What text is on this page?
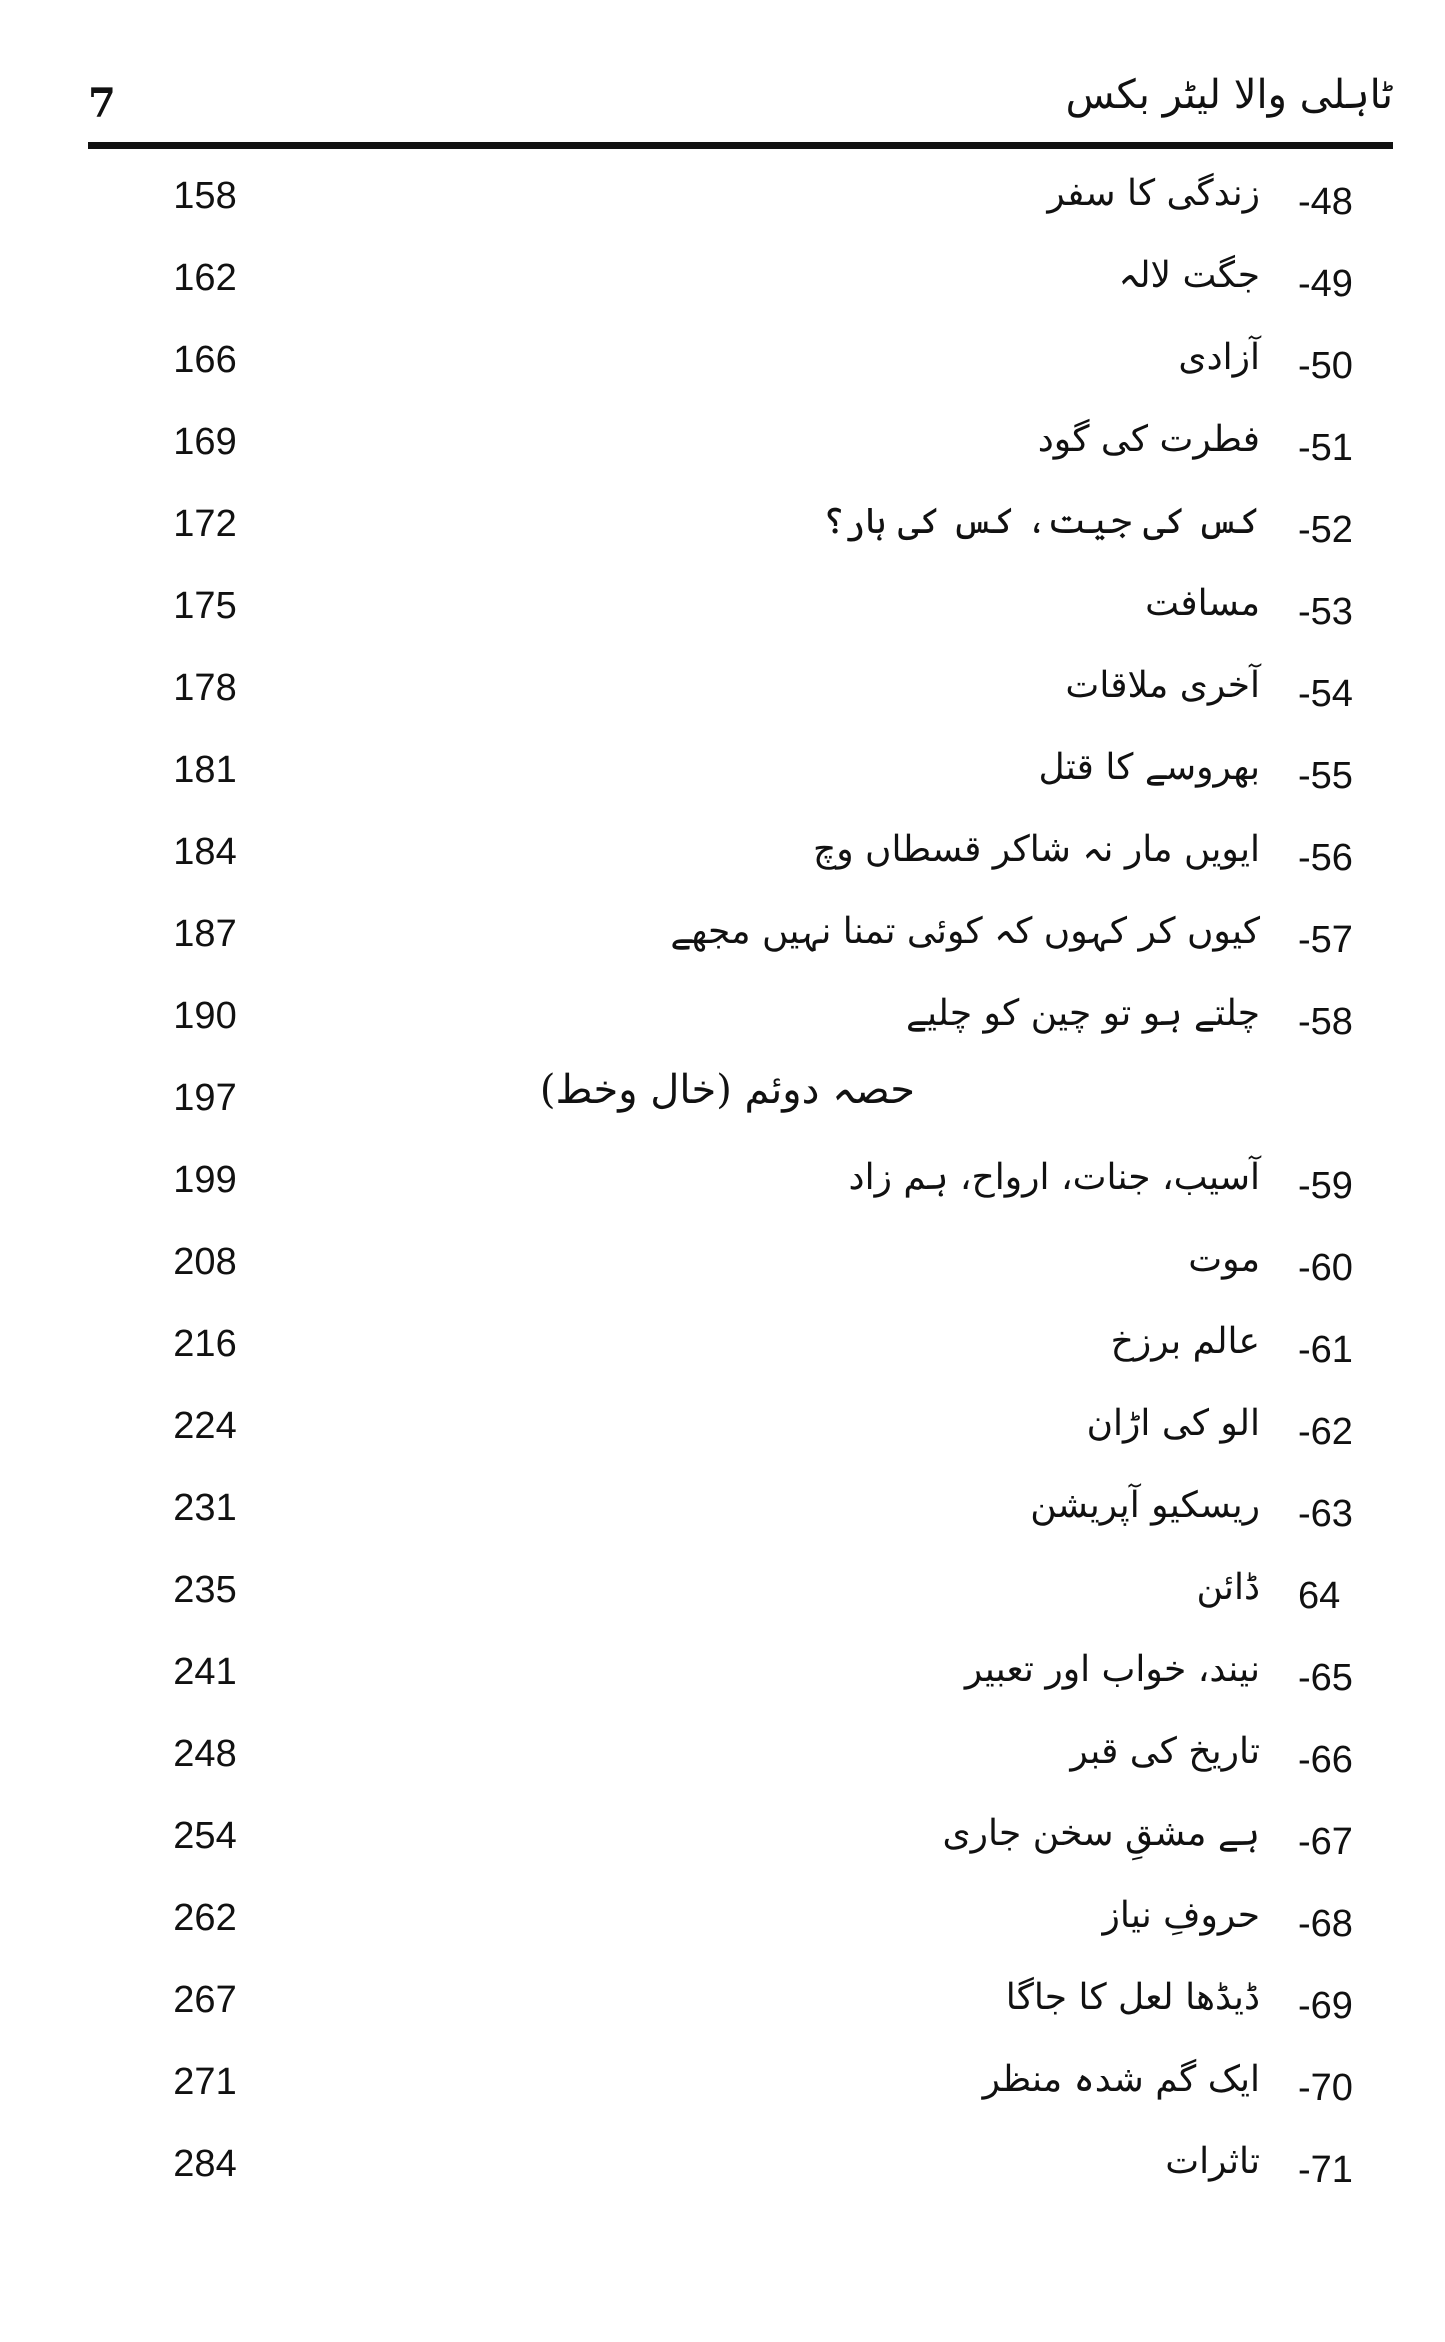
7	ٹاہلی والا لیٹر بکس
158	زندگی کا سفر -48
162	جگت لالہ -49
166	آزادی -50
169	فطرت کی گود -51
172	کس کی جیت، کس کی ہار؟ -52
175	مسافت -53
178	آخری ملاقات -54
181	بھروسے کا قتل -55
184	ایویں مار نہ شاکر قسطاں وچ -56
187	کیوں کر کہوں کہ کوئی تمنا نہیں مجھے -57
190	چلتے ہو تو چین کو چلیے -58
197	حصہ دوئم (خال وخط)
199	آسیب، جنات، ارواح، ہم زاد -59
208	موت -60
216	عالم برزخ -61
224	الو کی اڑان -62
231	ریسکیو آپریشن -63
235	ڈائن 64
241	نیند، خواب اور تعبیر -65
248	تاریخ کی قبر -66
254	ہے مشقِ سخن جاری -67
262	حروفِ نیاز -68
267	ڈیڈھا لعل کا جاگا -69
271	ایک گم شدہ منظر -70
284	تاثرات -71
